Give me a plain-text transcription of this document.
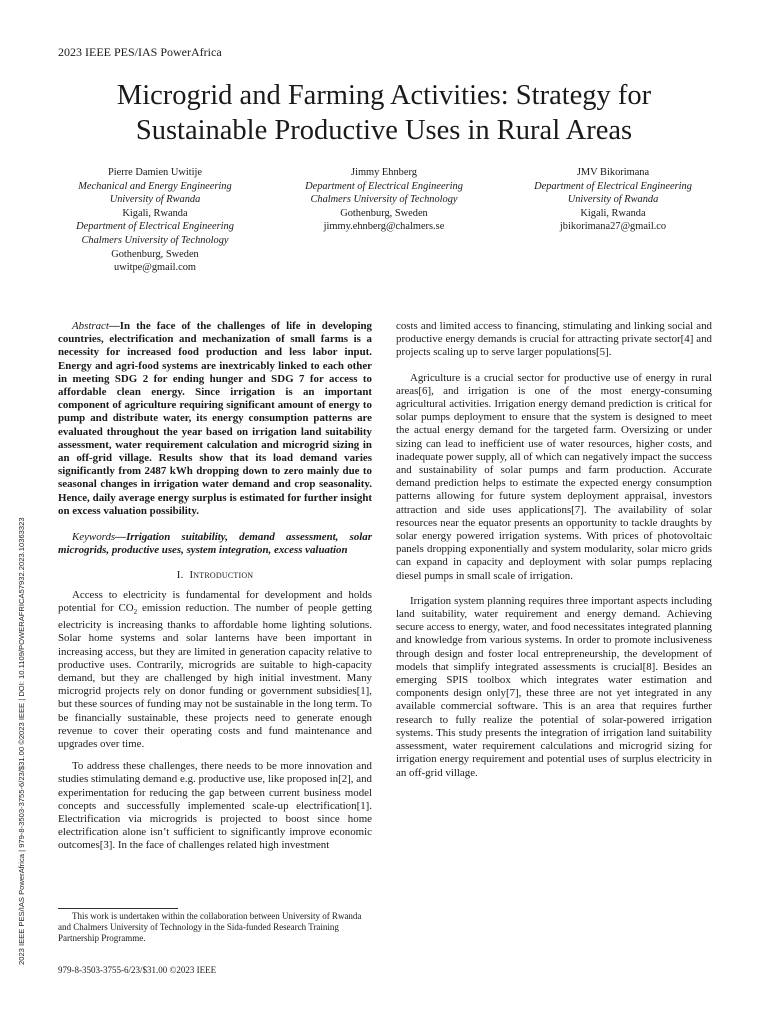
2023 IEEE PES/IAS PowerAfrica
Microgrid and Farming Activities: Strategy for
Sustainable Productive Uses in Rural Areas
Pierre Damien Uwitije
Mechanical and Energy Engineering
University of Rwanda
Kigali, Rwanda
Department of Electrical Engineering
Chalmers University of Technology
Gothenburg, Sweden
uwitpe@gmail.com
Jimmy Ehnberg
Department of Electrical Engineering
Chalmers University of Technology
Gothenburg, Sweden
jimmy.ehnberg@chalmers.se
JMV Bikorimana
Department of Electrical Engineering
University of Rwanda
Kigali, Rwanda
jbikorimana27@gmail.co
2023 IEEE PES/IAS PowerAfrica | 979-8-3503-3755-6/23/$31.00 ©2023 IEEE | DOI: 10.1109/POWERAFRICA57932.2023.10363323

Abstract—In the face of the challenges of life in developing countries, electrification and mechanization of small farms is a necessity for increased food production and less labor input. Energy and agri-food systems are inextricably linked to each other in meeting SDG 2 for ending hunger and SDG 7 for access to affordable clean energy. Since irrigation is an important component of agriculture requiring significant amount of energy to pump and distribute water, its energy consumption patterns are evaluated throughout the year based on irrigation land suitability assessment, water requirement calculation and microgrid sizing in an off-grid village. Results show that its load demand varies significantly from 2487 kWh dropping down to zero mainly due to seasonal changes in irrigation water demand and crop seasonality. Hence, daily average energy surplus is estimated for further insight on excess valuation possibility.

Keywords—Irrigation suitability, demand assessment, solar microgrids, productive uses, system integration, excess valuation

I. Introduction

Access to electricity is fundamental for development and holds potential for $CO_2$ emission reduction. The number of people getting electricity is increasing thanks to affordable home lighting solutions. Solar home systems and solar lanterns have been important in increasing access, but they are limited in generation capacity relative to productive uses. Contrarily, microgrids are suitable to high-capacity demand, but they are challenged by high initial investment. Many microgrid projects rely on donor funding or government subsidies[1], but these sources of funding may not be sustainable in the long term. To be financially sustainable, these projects need to generate enough revenue to cover their operating costs and fund maintenance and upgrades over time.

To address these challenges, there needs to be more innovation and studies stimulating demand e.g. productive use, like proposed in[2], and experimentation for reducing the gap between current business model concepts and successfully implemented scale-up electrification[1]. Electrification via microgrids is projected to boost since home electrification alone isn’t sufficient to significantly improve economic outcomes[3]. In the face of challenges related high investment

costs and limited access to financing, stimulating and linking social and productive energy demands is crucial for attracting private sector[4] and projects scaling up to serve larger populations[5].

Agriculture is a crucial sector for productive use of energy in rural areas[6], and irrigation is one of the most energy-consuming agricultural activities. Irrigation energy demand prediction is critical for solar pumps deployment to ensure that the system is designed to meet the actual energy demand for the targeted farm. Oversizing or under sizing can lead to inefficient use of water resources, higher costs, and inadequate power supply, all of which can negatively impact the success and sustainability of solar pumps and farm production. Accurate demand prediction helps to estimate the expected energy consumption patterns allowing for future system deployment appraisal, investors attraction and side uses applications[7]. The availability of solar resources near the equator presents an opportunity to tackle draughts by solar energy powered irrigation systems. With prices of photovoltaic panels dropping exponentially and system modularity, solar micro grids can expand in capacity and deployment with solar pumps replacing diesel pumps in small scale of irrigation.

Irrigation system planning requires three important aspects including land suitability, water requirement and energy demand. Achieving secure access to energy, water, and food necessitates integrated planning and knowledge from various systems. In order to promote inclusiveness through design and foster local entrepreneurship, the development of models that simplify integrated assessments is crucial[8]. Besides an emerging SPIS toolbox which integrates water estimation and components design only[7], these three are not yet integrated in any available commercial software. This is an area that requires further research to fully realize the potential of solar-powered irrigation systems. This study presents the integration of irrigation land suitability assessment, water requirement calculations and microgrid sizing for irrigation energy requirement and potential uses of surplus electricity in an off-grid village.

This work is undertaken within the collaboration between University of Rwanda and Chalmers University of Technology in the Sida-funded Research Training Partnership Programme.
979-8-3503-3755-6/23/$31.00 ©2023 IEEE
